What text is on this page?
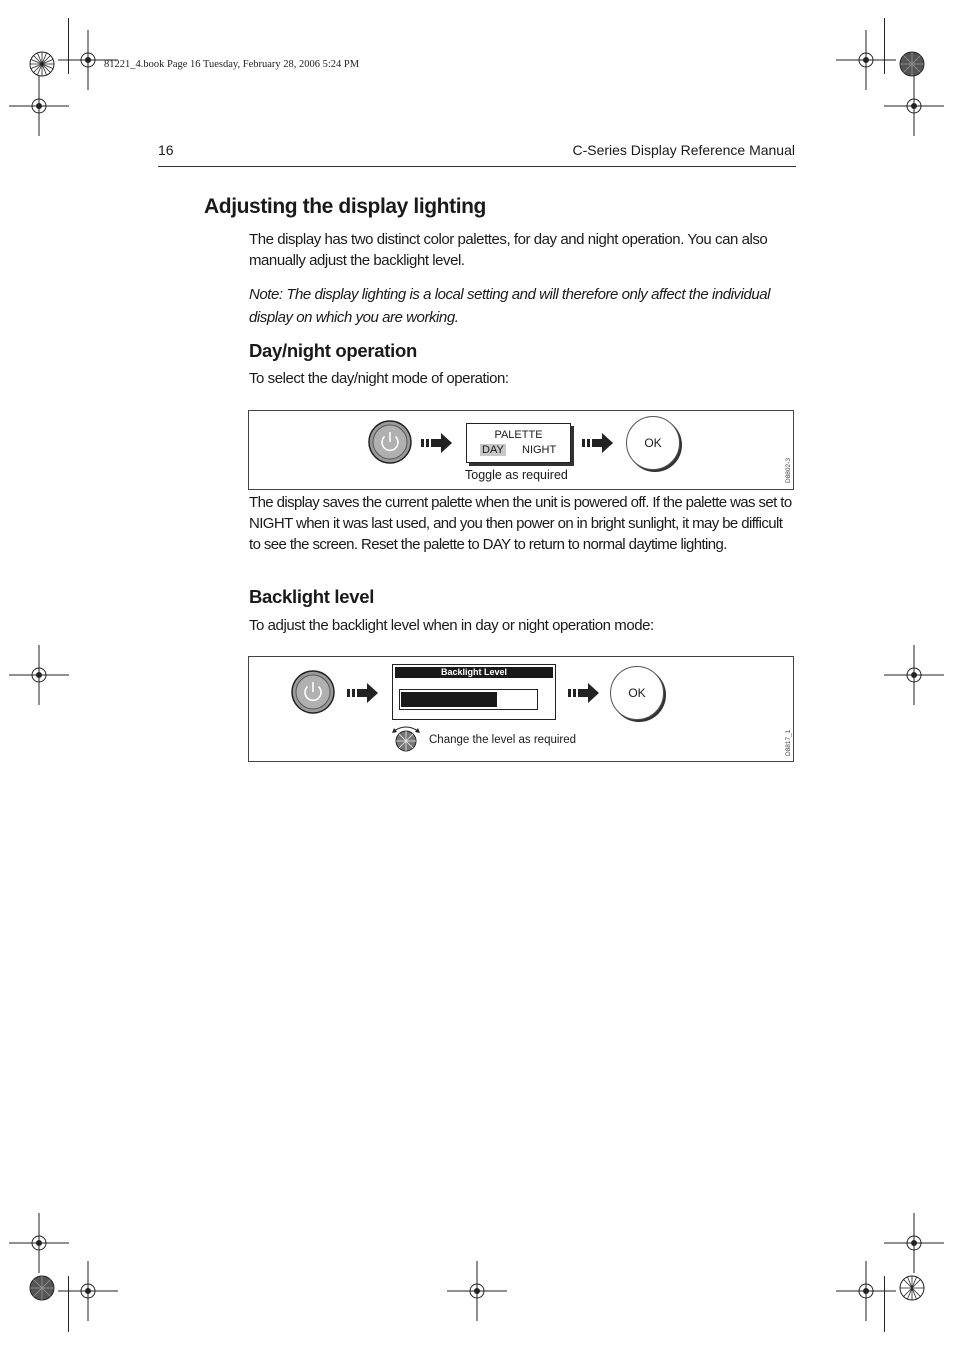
81221_4.book Page 16 Tuesday, February 28, 2006 5:24 PM
16	C-Series Display Reference Manual
Adjusting the display lighting

The display has two distinct color palettes, for day and night operation. You can also manually adjust the backlight level.

Note: The display lighting is a local setting and will therefore only affect the individual display on which you are working.

Day/night operation

To select the day/night mode of operation:

PALETTE
DAY NIGHT	OK
Toggle as required	D8802-3

The display saves the current palette when the unit is powered off. If the palette was set to NIGHT when it was last used, and you then power on in bright sunlight, it may be difficult to see the screen. Reset the palette to DAY to return to normal daytime lighting.

Backlight level

To adjust the backlight level when in day or night operation mode:

Backlight Level
OK
Change the level as required	D8817_1
